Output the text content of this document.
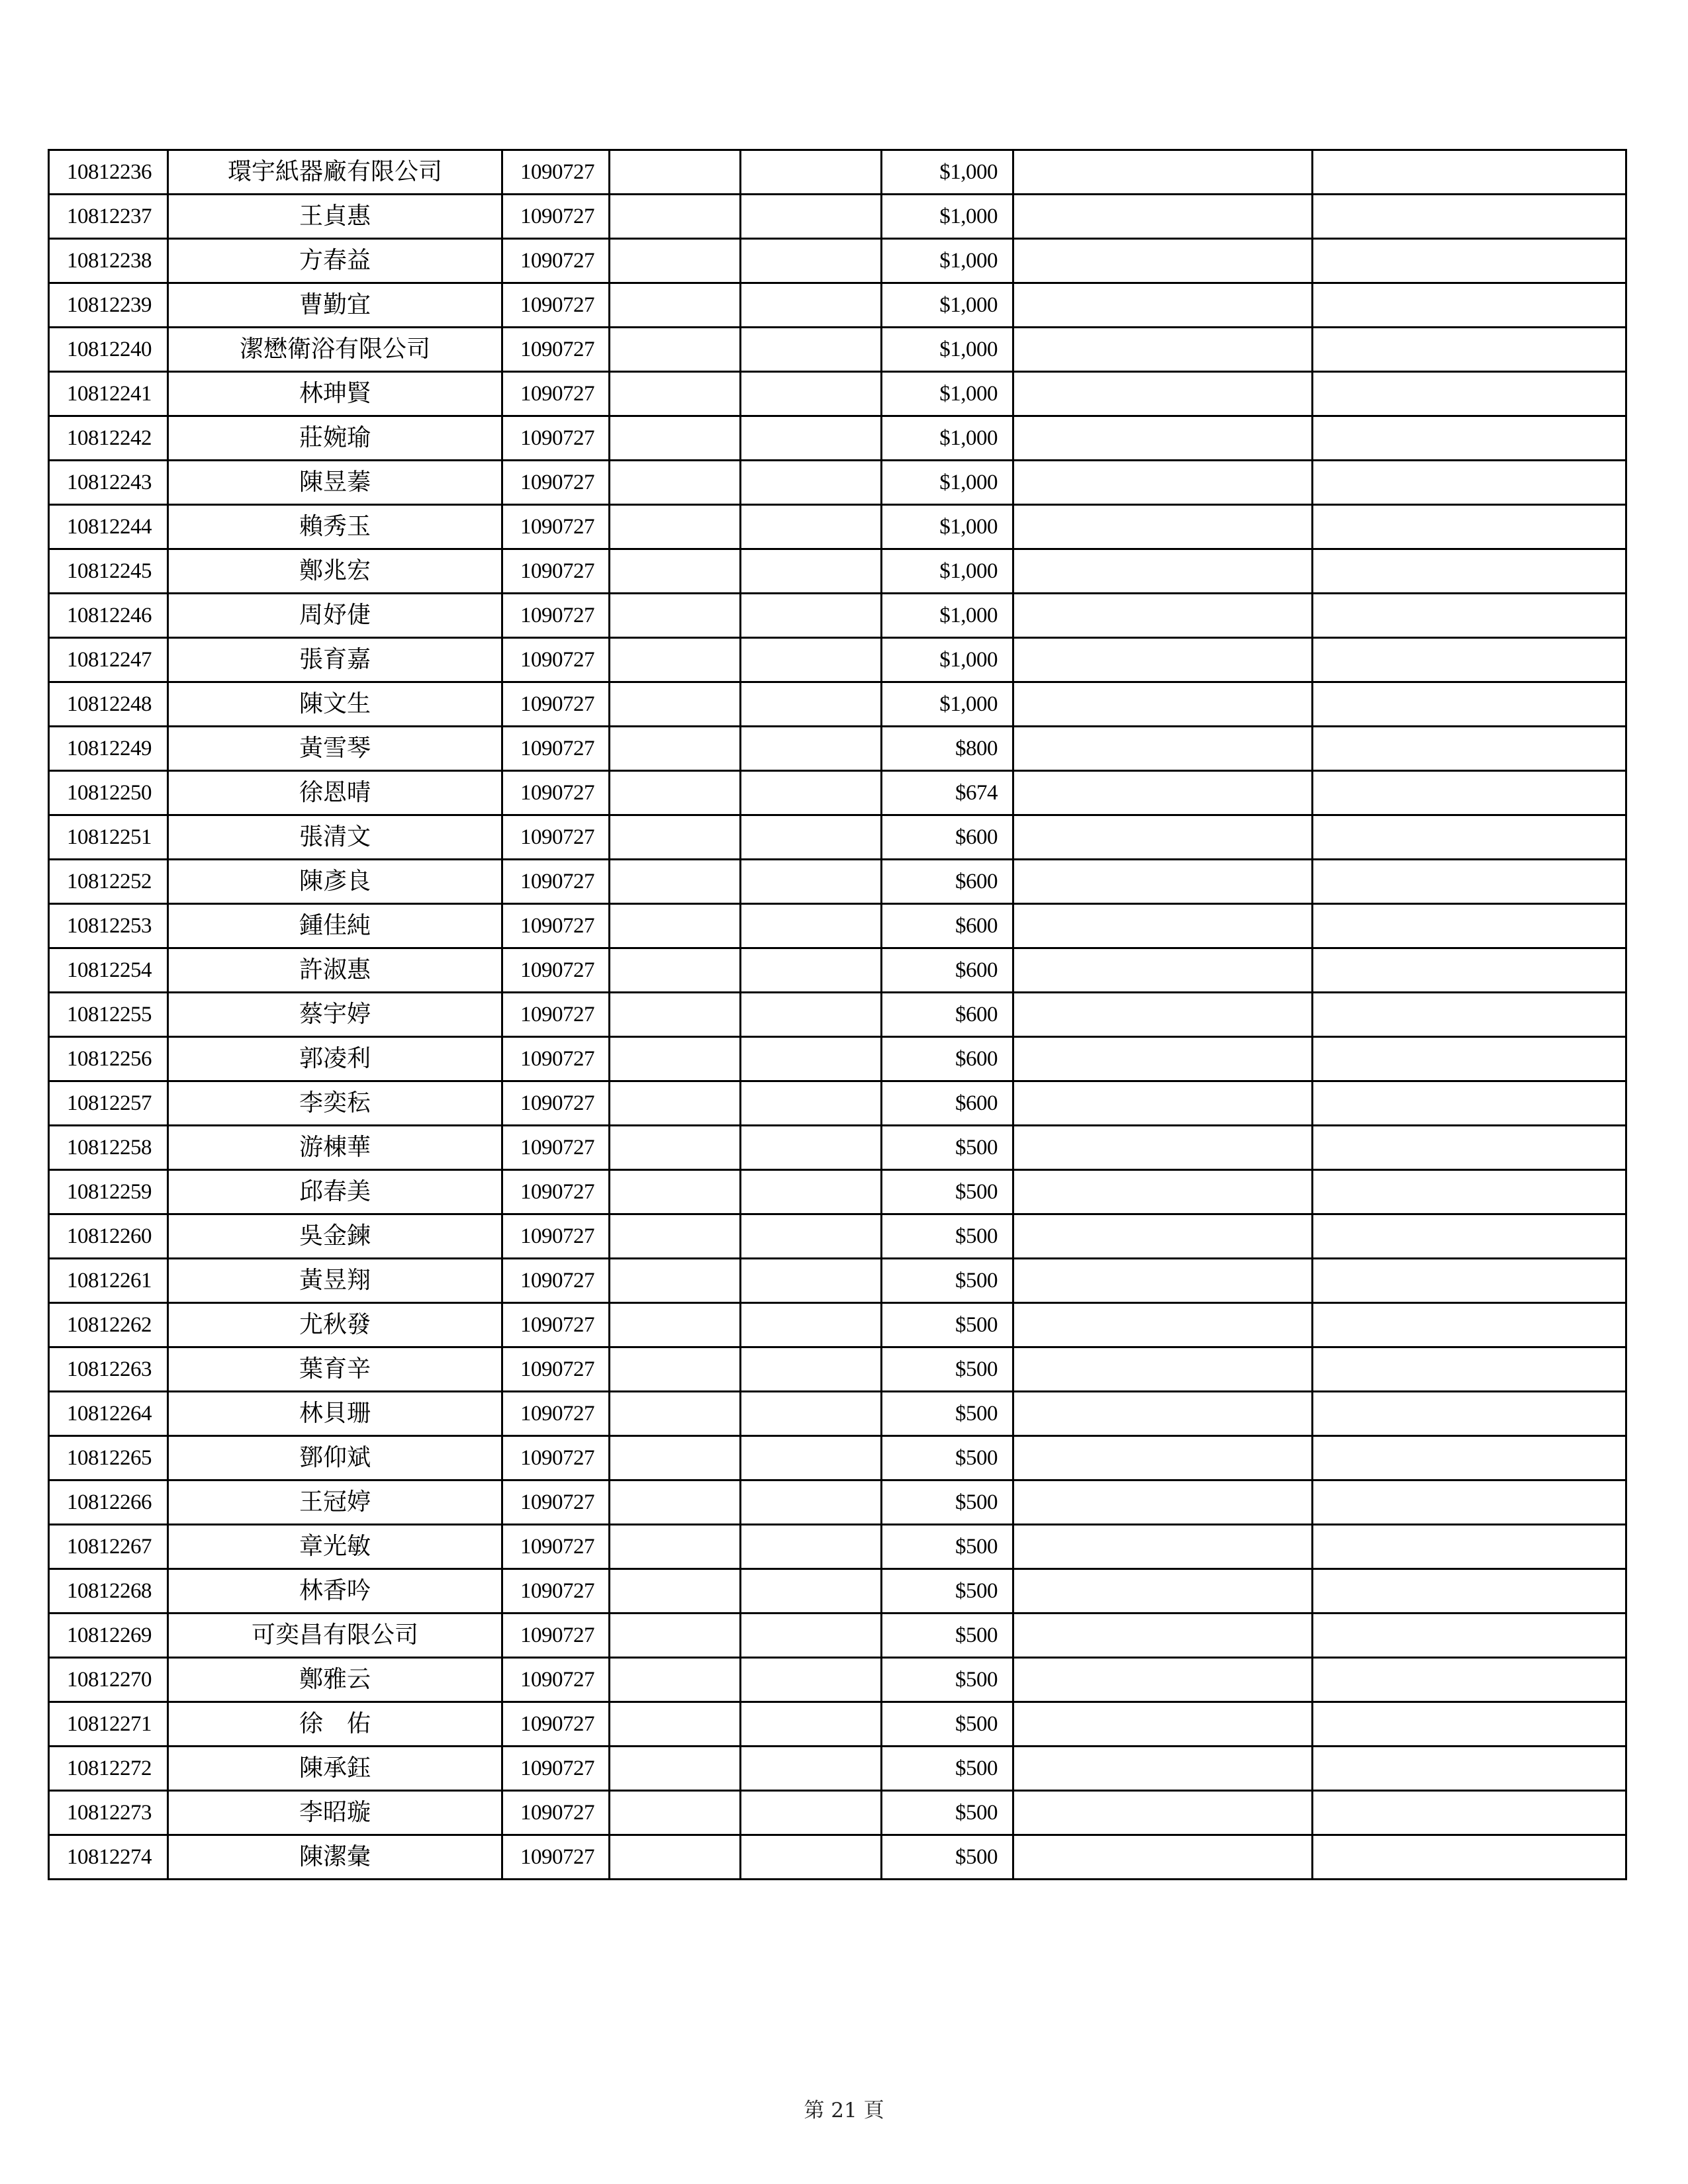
10812236	環宇紙器廠有限公司	1090727			$1,000		
10812237	王貞惠	1090727			$1,000		
10812238	方春益	1090727			$1,000		
10812239	曹勤宜	1090727			$1,000		
10812240	潔懋衛浴有限公司	1090727			$1,000		
10812241	林珅賢	1090727			$1,000		
10812242	莊婉瑜	1090727			$1,000		
10812243	陳昱蓁	1090727			$1,000		
10812244	賴秀玉	1090727			$1,000		
10812245	鄭兆宏	1090727			$1,000		
10812246	周妤倢	1090727			$1,000		
10812247	張育嘉	1090727			$1,000		
10812248	陳文生	1090727			$1,000		
10812249	黃雪琴	1090727			$800		
10812250	徐恩晴	1090727			$674		
10812251	張清文	1090727			$600		
10812252	陳彥良	1090727			$600		
10812253	鍾佳純	1090727			$600		
10812254	許淑惠	1090727			$600		
10812255	蔡宇婷	1090727			$600		
10812256	郭凌利	1090727			$600		
10812257	李奕秐	1090727			$600		
10812258	游棟華	1090727			$500		
10812259	邱春美	1090727			$500		
10812260	吳金鍊	1090727			$500		
10812261	黃昱翔	1090727			$500		
10812262	尤秋發	1090727			$500		
10812263	葉育辛	1090727			$500		
10812264	林貝珊	1090727			$500		
10812265	鄧仰斌	1090727			$500		
10812266	王冠婷	1090727			$500		
10812267	章光敏	1090727			$500		
10812268	林香吟	1090727			$500		
10812269	可奕昌有限公司	1090727			$500		
10812270	鄭雅云	1090727			$500		
10812271	徐　佑	1090727			$500		
10812272	陳承鈺	1090727			$500		
10812273	李昭璇	1090727			$500		
10812274	陳潔彙	1090727			$500		
第 21 頁
